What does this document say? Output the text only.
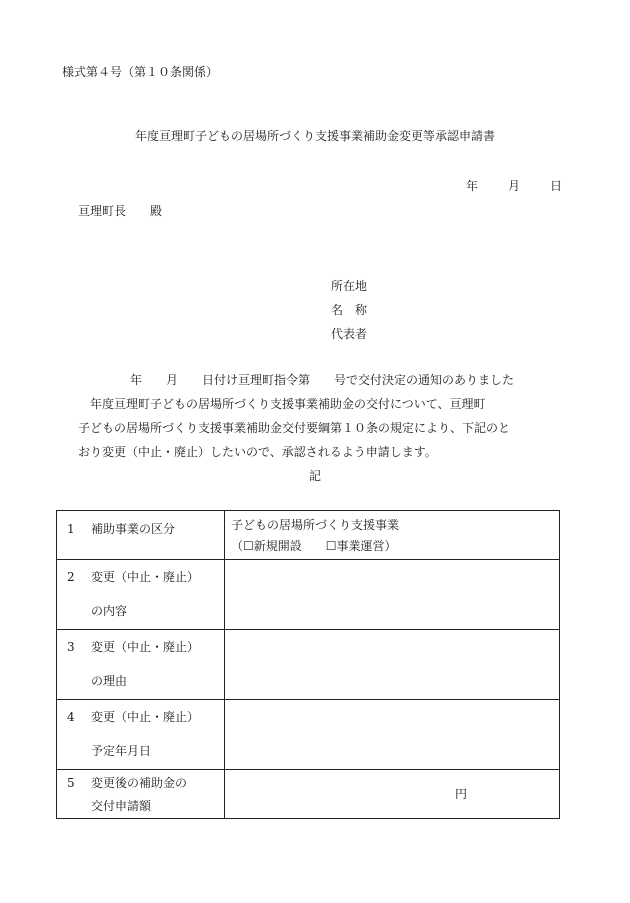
様式第４号（第１０条関係）
年度亘理町子どもの居場所づくり支援事業補助金変更等承認申請書
年	月	日
亘理町長　　殿
所在地
名　称
代表者

年　　月　　日付け亘理町指令第　　号で交付決定の通知のありました

年度亘理町子どもの居場所づくり支援事業補助金の交付について、亘理町

子どもの居場所づくり支援事業補助金交付要綱第１０条の規定により、下記のと

おり変更（中止・廃止）したいので、承認されるよう申請します。

記
1 補助事業の区分	子どもの居場所づくり支援事業
（☐新規開設　　☐事業運営）

2 変更（中止・廃止）
の内容	

3 変更（中止・廃止）
の理由	

4 変更（中止・廃止）
予定年月日	

5 変更後の補助金の
交付申請額	円
